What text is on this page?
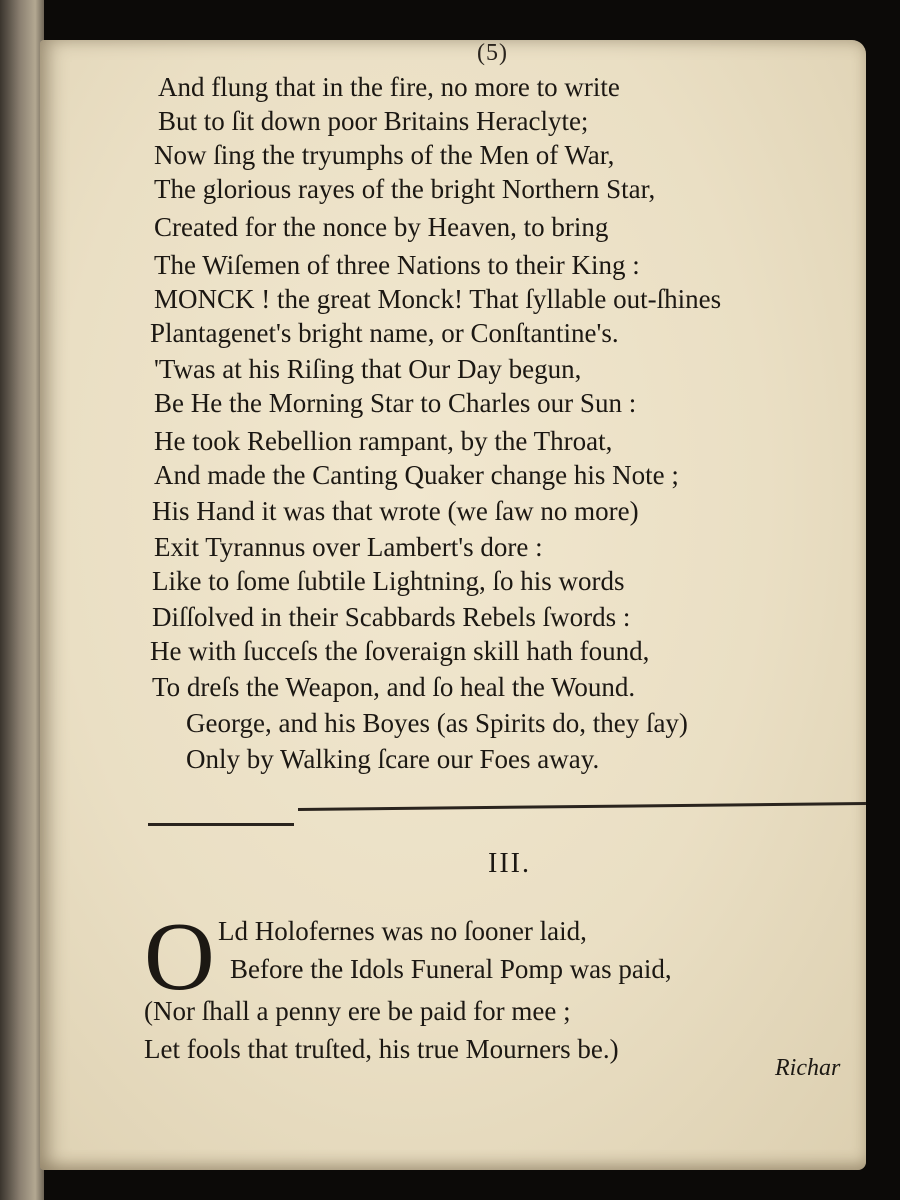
(5)
And flung that in the fire, no more to write
But to ſit down poor Britains Heraclyte;
Now ſing the tryumphs of the Men of War,
The glorious rayes of the bright Northern Star,
Created for the nonce by Heaven, to bring
The Wiſemen of three Nations to their King :
MONCK ! the great Monck! That ſyllable out-ſhines
Plantagenet's bright name, or Conſtantine's.
'Twas at his Riſing that Our Day begun,
Be He the Morning Star to Charles our Sun :
He took Rebellion rampant, by the Throat,
And made the Canting Quaker change his Note ;
His Hand it was that wrote (we ſaw no more)
Exit Tyrannus over Lambert's dore :
Like to ſome ſubtile Lightning, ſo his words
Diſſolved in their Scabbards Rebels ſwords :
He with ſucceſs the ſoveraign skill hath found,
To dreſs the Weapon, and ſo heal the Wound.
George, and his Boyes (as Spirits do, they ſay)
Only by Walking ſcare our Foes away.
III.
O Ld Holofernes was no ſooner laid,
Before the Idols Funeral Pomp was paid,
(Nor ſhall a penny ere be paid for mee ;
Let fools that truſted, his true Mourners be.)
Richar
